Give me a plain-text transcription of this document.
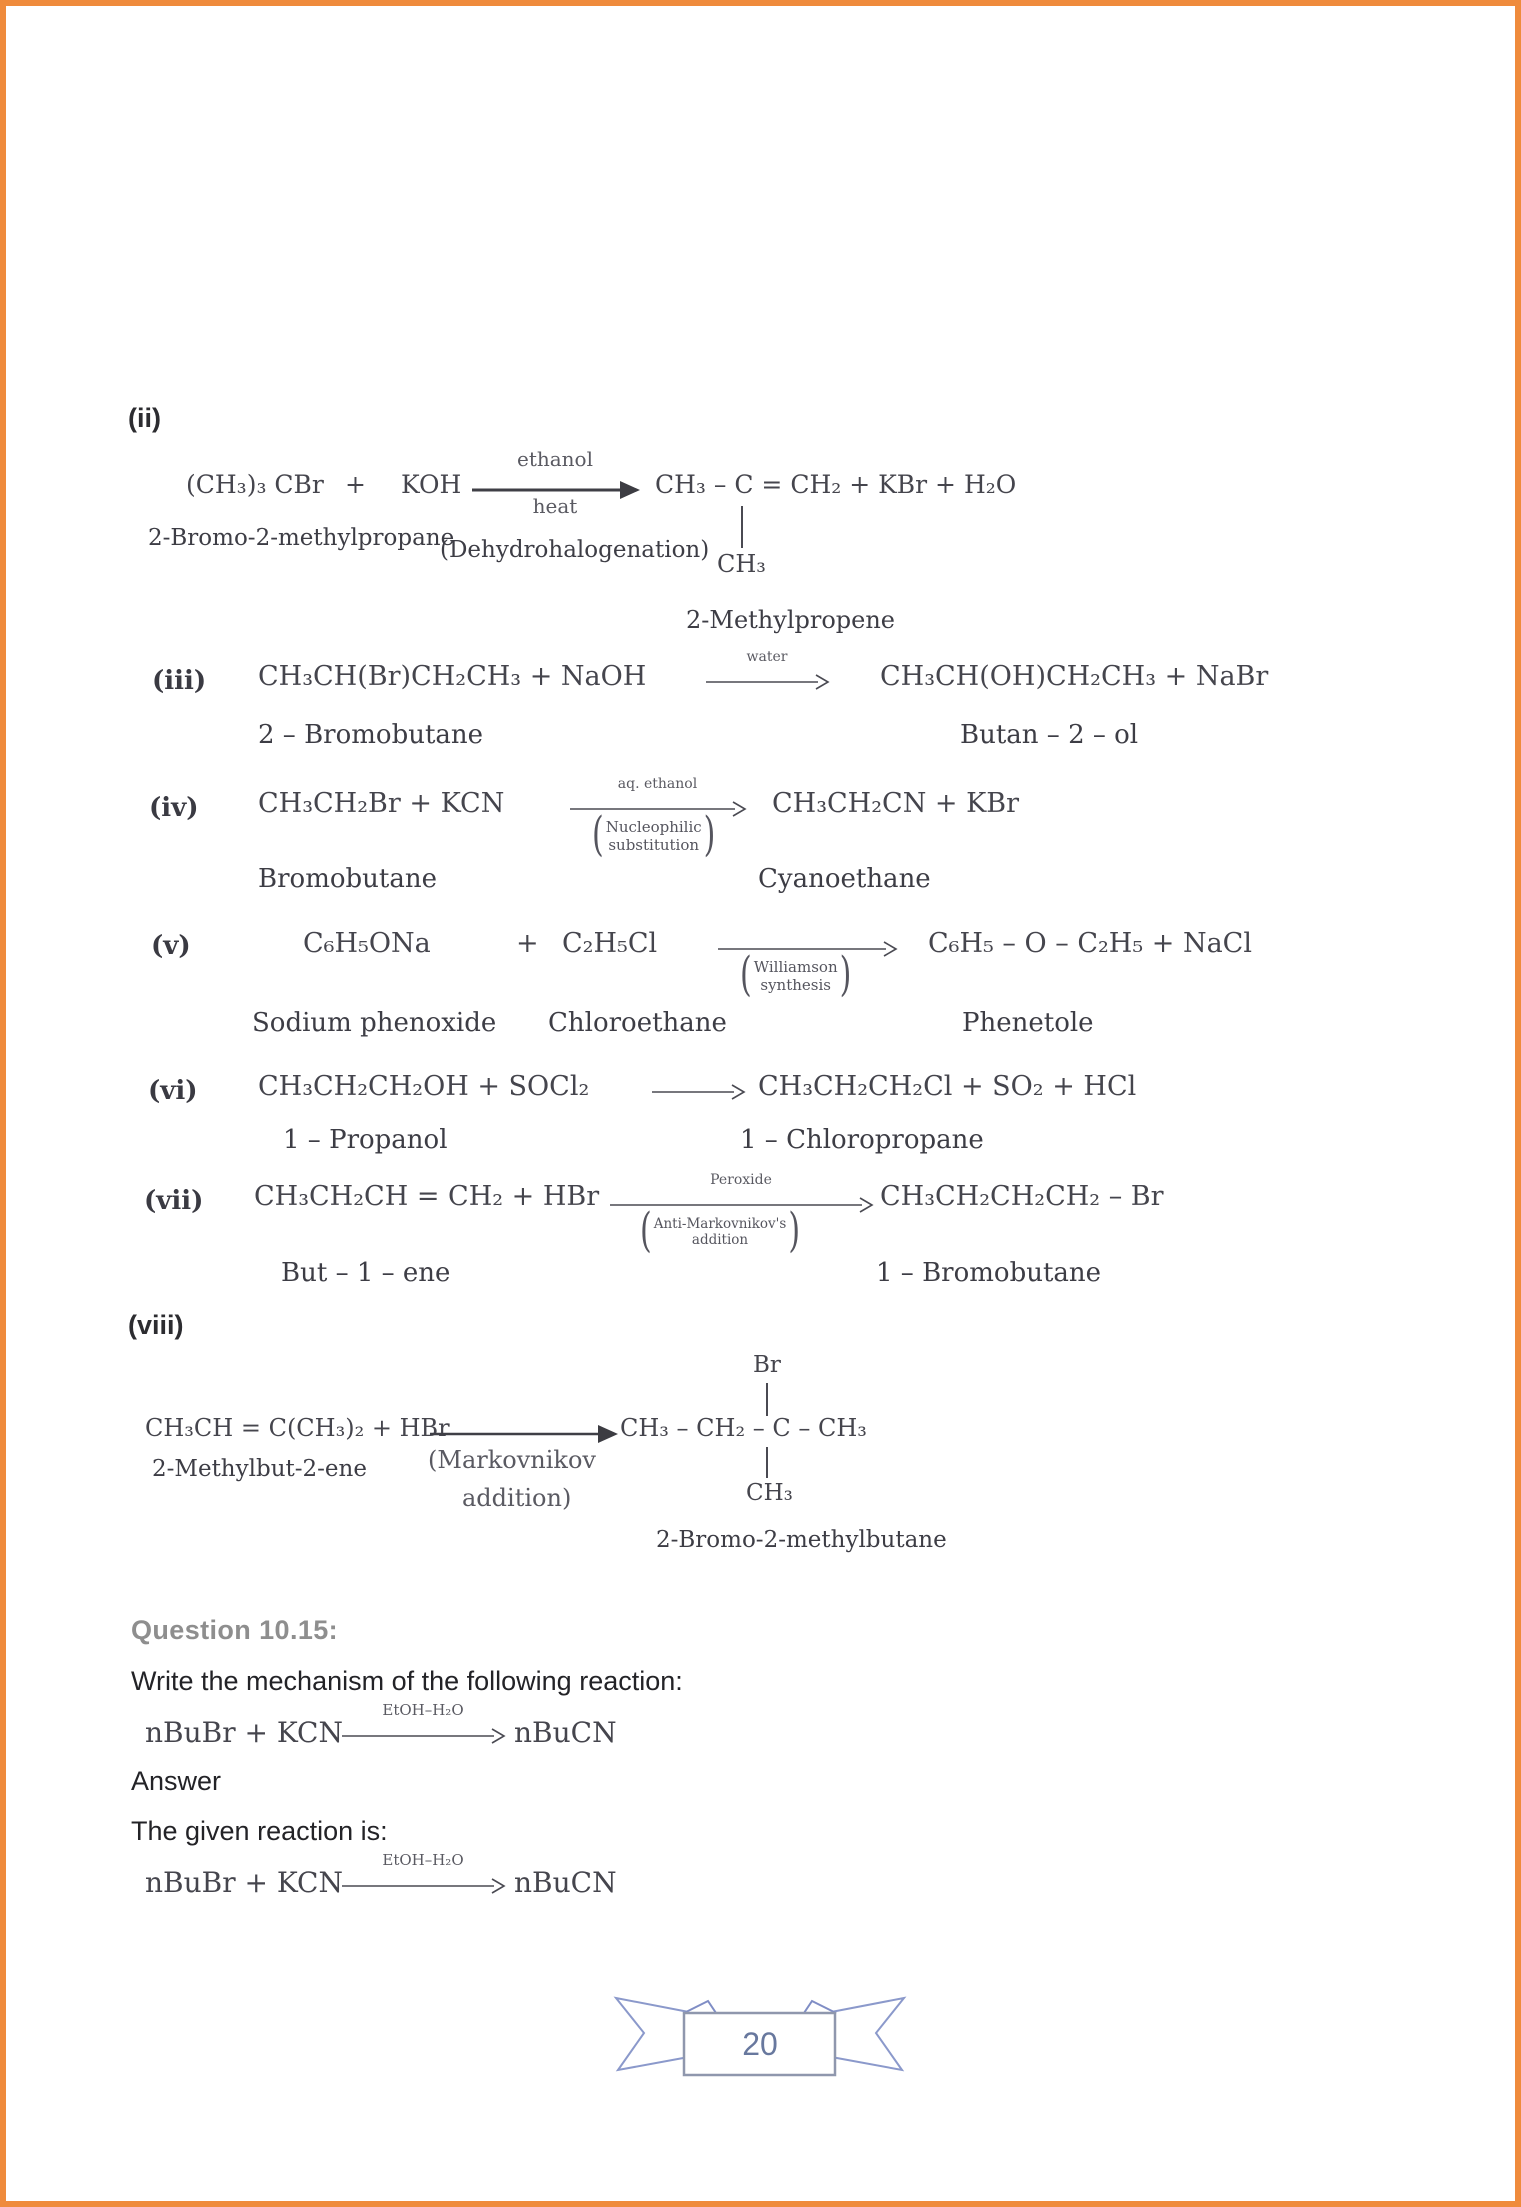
(ii)
(CH₃)₃ CBr + KOH
ethanol
heat
CH₃ – C = CH₂ + KBr + H₂O
CH₃
2-Bromo-2-methylpropane
(Dehydrohalogenation)
2-Methylpropene
(iii) CH₃CH(Br)CH₂CH₃ + NaOH
water
CH₃CH(OH)CH₂CH₃ + NaBr
2 – Bromobutane	Butan – 2 – ol
(iv) CH₃CH₂Br + KCN
aq. ethanol
( Nucleophilic
substitution )
CH₃CH₂CN + KBr
Bromobutane	Cyanoethane
(v)	C₆H₅ONa	+ C₂H₅Cl
( Williamson
synthesis )
C₆H₅ – O – C₂H₅ + NaCl
Sodium phenoxide Chloroethane	Phenetole
(vi) CH₃CH₂CH₂OH + SOCl₂	CH₃CH₂CH₂Cl + SO₂ + HCl
1 – Propanol	1 – Chloropropane
(vii) CH₃CH₂CH = CH₂ + HBr
Peroxide
( Anti-Markovnikov's
addition	)
CH₃CH₂CH₂CH₂ – Br
But – 1 – ene	1 – Bromobutane
(viii)
Br
CH₃CH = C(CH₃)₂ + HBr	CH₃ – CH₂ – C – CH₃
CH₃
(Markovnikov
addition)
2-Methylbut-2-ene
2-Bromo-2-methylbutane
Question 10.15:
Write the mechanism of the following reaction:
nBuBr + KCN
EtOH–H₂O
nBuCN
Answer
The given reaction is:
nBuBr + KCN
EtOH–H₂O
nBuCN
20
